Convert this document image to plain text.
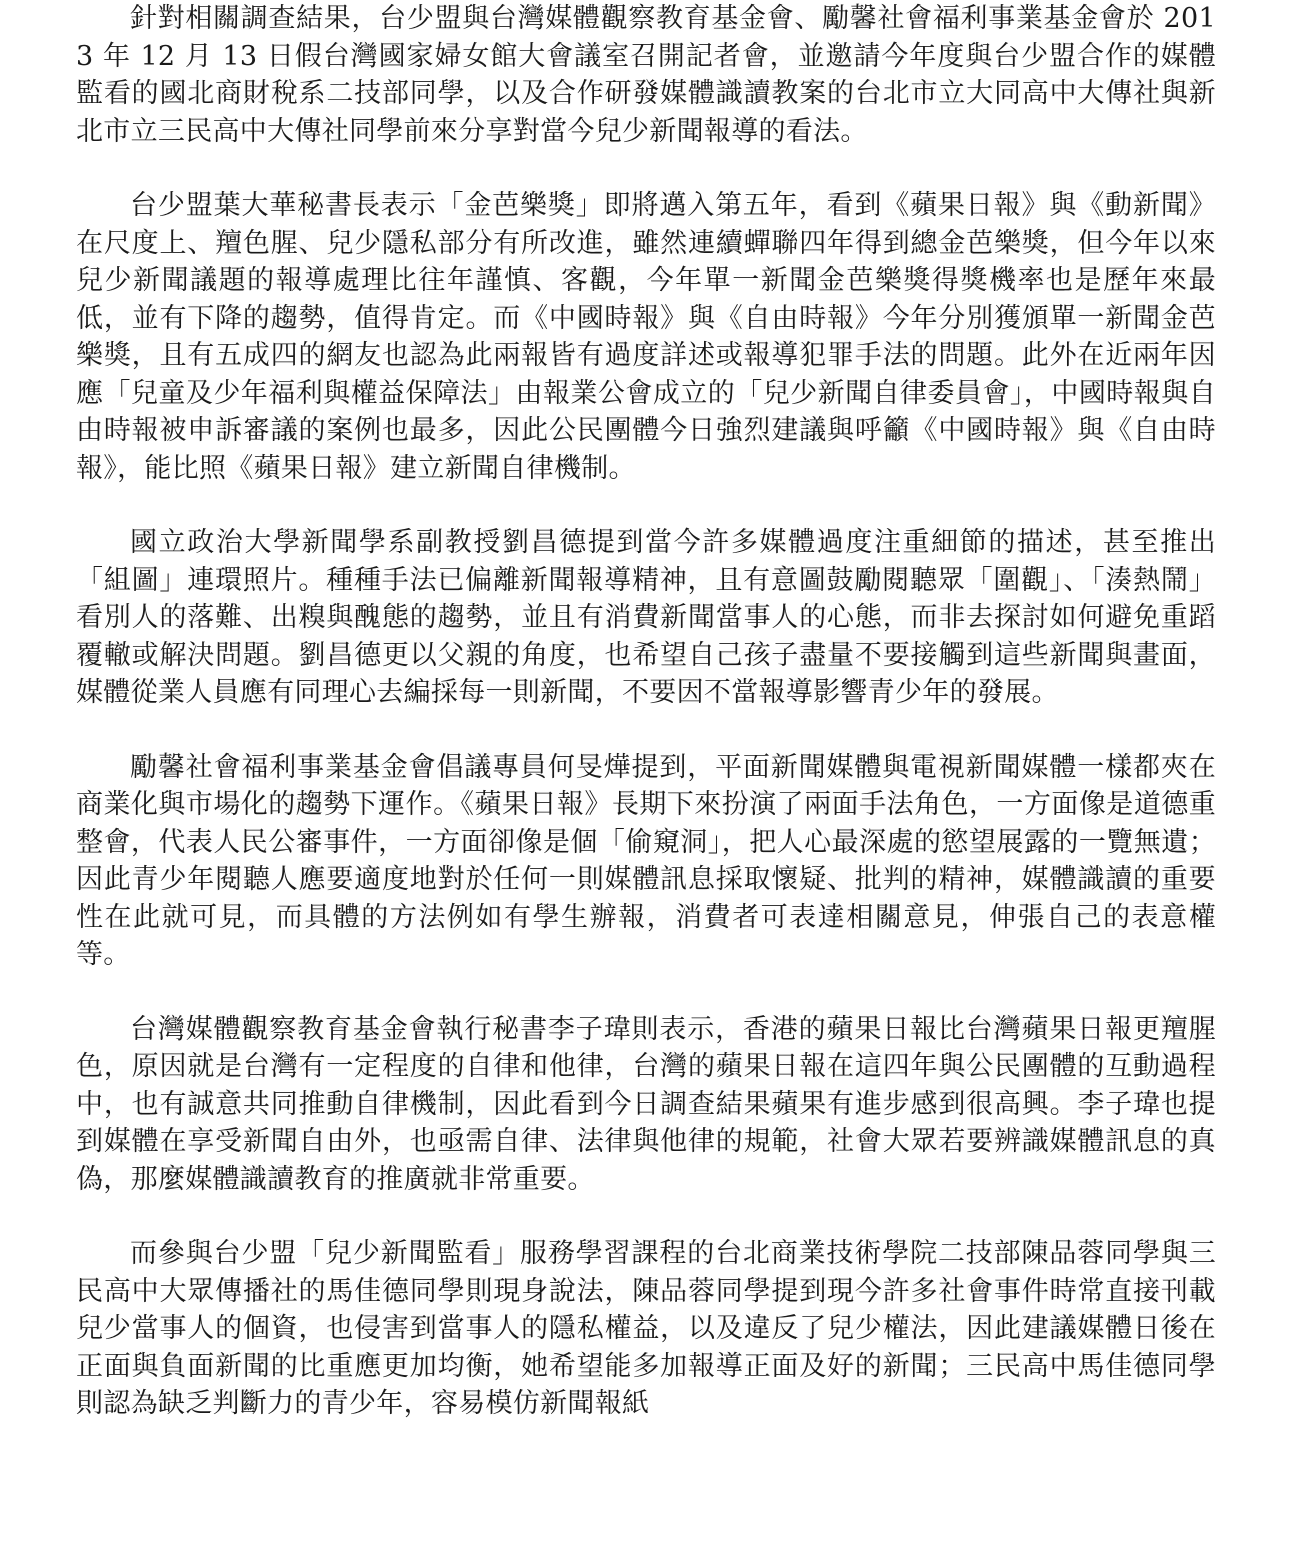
針對相關調查結果，台少盟與台灣媒體觀察教育基金會、勵馨社會福利事業基金會於 2013 年 12 月 13 日假台灣國家婦女館大會議室召開記者會，並邀請今年度與台少盟合作的媒體監看的國北商財稅系二技部同學，以及合作研發媒體識讀教案的台北市立大同高中大傳社與新北市立三民高中大傳社同學前來分享對當今兒少新聞報導的看法。

台少盟葉大華秘書長表示「金芭樂獎」即將邁入第五年，看到《蘋果日報》與《動新聞》在尺度上、羶色腥、兒少隱私部分有所改進，雖然連續蟬聯四年得到總金芭樂獎，但今年以來兒少新聞議題的報導處理比往年謹慎、客觀，今年單一新聞金芭樂獎得獎機率也是歷年來最低，並有下降的趨勢，值得肯定。而《中國時報》與《自由時報》今年分別獲頒單一新聞金芭樂獎，且有五成四的網友也認為此兩報皆有過度詳述或報導犯罪手法的問題。此外在近兩年因應「兒童及少年福利與權益保障法」由報業公會成立的「兒少新聞自律委員會」，中國時報與自由時報被申訴審議的案例也最多，因此公民團體今日強烈建議與呼籲《中國時報》與《自由時報》，能比照《蘋果日報》建立新聞自律機制。

國立政治大學新聞學系副教授劉昌德提到當今許多媒體過度注重細節的描述，甚至推出「組圖」連環照片。種種手法已偏離新聞報導精神，且有意圖鼓勵閱聽眾「圍觀」、「湊熱鬧」看別人的落難、出糗與醜態的趨勢，並且有消費新聞當事人的心態，而非去探討如何避免重蹈覆轍或解決問題。劉昌德更以父親的角度，也希望自己孩子盡量不要接觸到這些新聞與畫面，媒體從業人員應有同理心去編採每一則新聞，不要因不當報導影響青少年的發展。

勵馨社會福利事業基金會倡議專員何旻燁提到，平面新聞媒體與電視新聞媒體一樣都夾在商業化與市場化的趨勢下運作。《蘋果日報》長期下來扮演了兩面手法角色，一方面像是道德重整會，代表人民公審事件，一方面卻像是個「偷窺洞」，把人心最深處的慾望展露的一覽無遺；因此青少年閱聽人應要適度地對於任何一則媒體訊息採取懷疑、批判的精神，媒體識讀的重要性在此就可見，而具體的方法例如有學生辦報，消費者可表達相關意見，伸張自己的表意權等。

台灣媒體觀察教育基金會執行秘書李子瑋則表示，香港的蘋果日報比台灣蘋果日報更羶腥色，原因就是台灣有一定程度的自律和他律，台灣的蘋果日報在這四年與公民團體的互動過程中，也有誠意共同推動自律機制，因此看到今日調查結果蘋果有進步感到很高興。李子瑋也提到媒體在享受新聞自由外，也亟需自律、法律與他律的規範，社會大眾若要辨識媒體訊息的真偽，那麼媒體識讀教育的推廣就非常重要。

而參與台少盟「兒少新聞監看」服務學習課程的台北商業技術學院二技部陳品蓉同學與三民高中大眾傳播社的馬佳德同學則現身說法，陳品蓉同學提到現今許多社會事件時常直接刊載兒少當事人的個資，也侵害到當事人的隱私權益，以及違反了兒少權法，因此建議媒體日後在正面與負面新聞的比重應更加均衡，她希望能多加報導正面及好的新聞；三民高中馬佳德同學則認為缺乏判斷力的青少年，容易模仿新聞報紙
